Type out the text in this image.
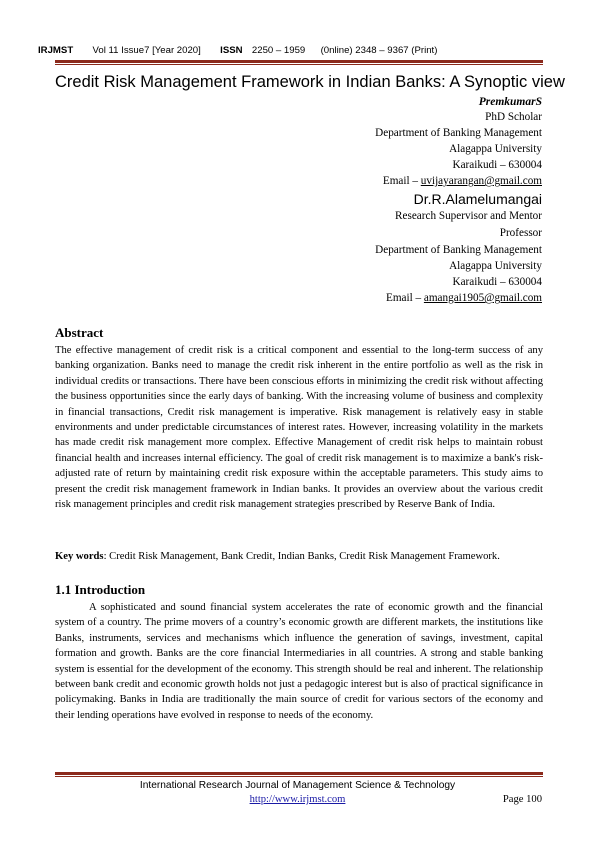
IRJMST Vol 11 Issue7 [Year 2020] ISSN 2250 – 1959 (0nline) 2348 – 9367 (Print)
Credit Risk Management Framework in Indian Banks: A Synoptic view
PremkumarS
PhD Scholar
Department of Banking Management
Alagappa University
Karaikudi – 630004
Email – uvijayarangan@gmail.com
Dr.R.Alamelumangai
Research Supervisor and Mentor
Professor
Department of Banking Management
Alagappa University
Karaikudi – 630004
Email – amangai1905@gmail.com
Abstract
The effective management of credit risk is a critical component and essential to the long-term success of any banking organization. Banks need to manage the credit risk inherent in the entire portfolio as well as the risk in individual credits or transactions. There have been conscious efforts in minimizing the credit risk without affecting the business opportunities since the early days of banking. With the increasing volume of business and complexity in financial transactions, Credit risk management is imperative. Risk management is relatively easy in stable environments and under predictable circumstances of interest rates. However, increasing volatility in the markets has made credit risk management more complex. Effective Management of credit risk helps to maintain robust financial health and increases internal efficiency. The goal of credit risk management is to maximize a bank's risk-adjusted rate of return by maintaining credit risk exposure within the acceptable parameters. This study aims to present the credit risk management framework in Indian banks. It provides an overview about the various credit risk management principles and credit risk management strategies prescribed by Reserve Bank of India.
Key words: Credit Risk Management, Bank Credit, Indian Banks, Credit Risk Management Framework.
1.1 Introduction
A sophisticated and sound financial system accelerates the rate of economic growth and the financial system of a country. The prime movers of a country’s economic growth are different markets, the institutions like Banks, instruments, services and mechanisms which influence the generation of savings, investment, capital formation and growth. Banks are the core financial Intermediaries in all countries. A strong and stable banking system is essential for the development of the economy. This strength should be real and inherent. The relationship between bank credit and economic growth holds not just a pedagogic interest but is also of practical significance in policymaking. Banks in India are traditionally the main source of credit for various sectors of the economy and their lending operations have evolved in response to needs of the economy.
International Research Journal of Management Science & Technology
http://www.irjmst.com	Page 100
